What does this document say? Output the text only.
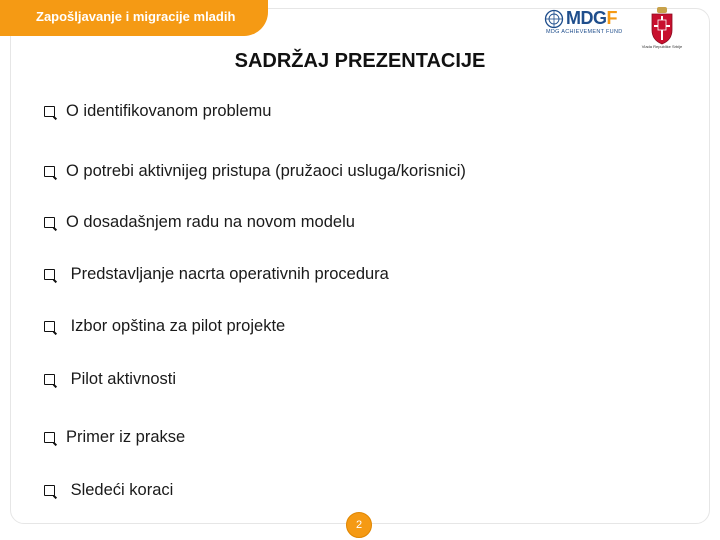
Zapošljavanje i migracije mladih	MDGF
MDG ACHIEVEMENT FUND
Vlada Republike Srbije
SADRŽAJ PREZENTACIJE
O identifikovanom problemu
O potrebi aktivnijeg pristupa (pružaoci usluga/korisnici)
O dosadašnjem radu na novom modelu
Predstavljanje nacrta operativnih procedura
Izbor opština za pilot projekte
Pilot aktivnosti
Primer iz prakse
Sledeći koraci
2
